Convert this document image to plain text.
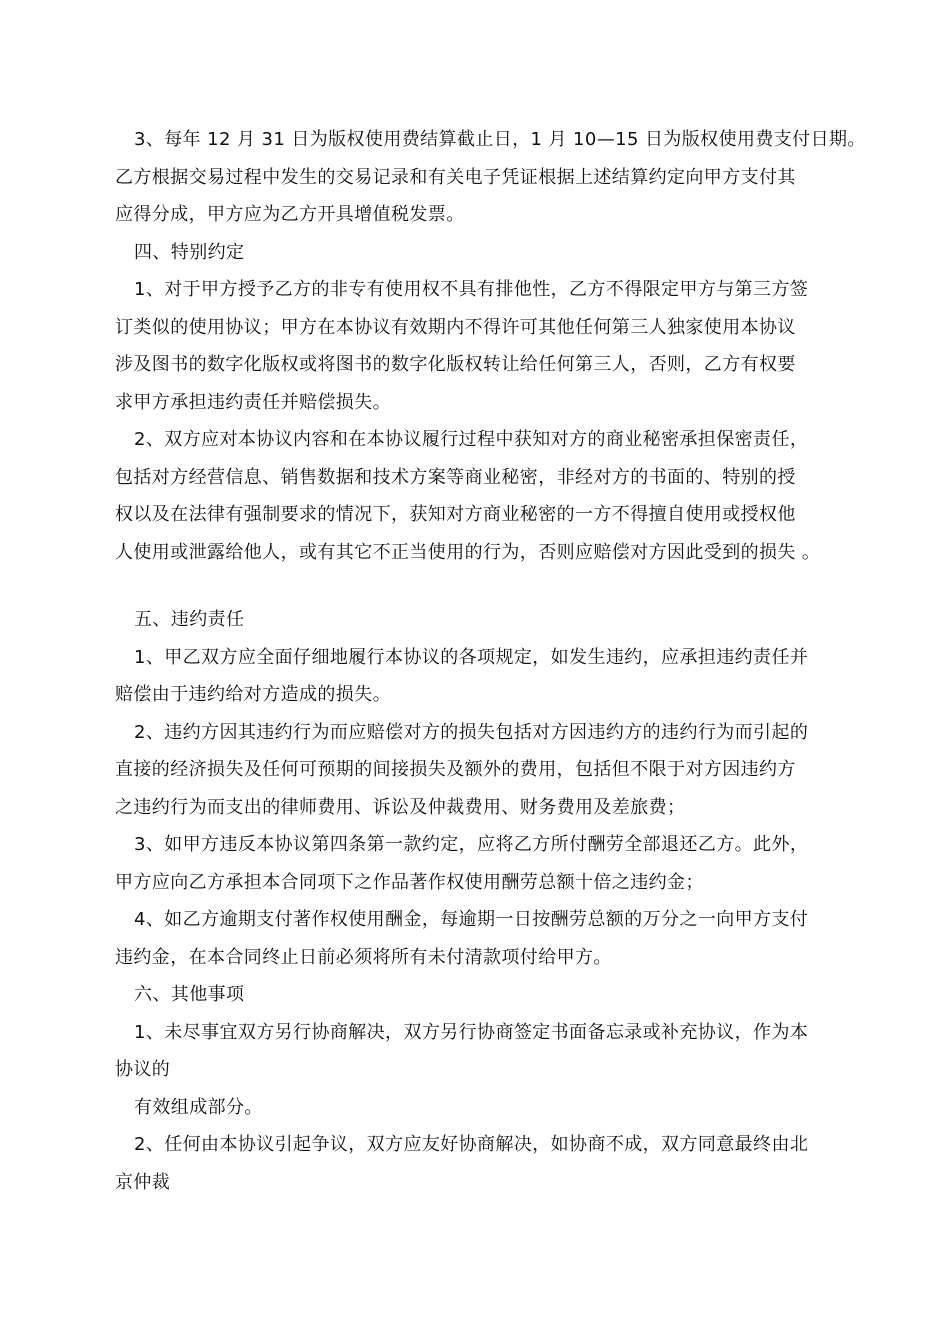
3、每年 12 月 31 日为版权使用费结算截止日，1 月 10—15 日为版权使用费支付日期。
乙方根据交易过程中发生的交易记录和有关电子凭证根据上述结算约定向甲方支付其
应得分成，甲方应为乙方开具增值税发票。
四、特别约定
1、对于甲方授予乙方的非专有使用权不具有排他性，乙方不得限定甲方与第三方签
订类似的使用协议；甲方在本协议有效期内不得许可其他任何第三人独家使用本协议
涉及图书的数字化版权或将图书的数字化版权转让给任何第三人，否则，乙方有权要
求甲方承担违约责任并赔偿损失。
2、双方应对本协议内容和在本协议履行过程中获知对方的商业秘密承担保密责任，
包括对方经营信息、销售数据和技术方案等商业秘密，非经对方的书面的、特别的授
权以及在法律有强制要求的情况下，获知对方商业秘密的一方不得擅自使用或授权他
人使用或泄露给他人，或有其它不正当使用的行为，否则应赔偿对方因此受到的损失 。
五、违约责任
1、甲乙双方应全面仔细地履行本协议的各项规定，如发生违约，应承担违约责任并
赔偿由于违约给对方造成的损失。
2、违约方因其违约行为而应赔偿对方的损失包括对方因违约方的违约行为而引起的
直接的经济损失及任何可预期的间接损失及额外的费用，包括但不限于对方因违约方
之违约行为而支出的律师费用、诉讼及仲裁费用、财务费用及差旅费；
3、如甲方违反本协议第四条第一款约定，应将乙方所付酬劳全部退还乙方。此外，
甲方应向乙方承担本合同项下之作品著作权使用酬劳总额十倍之违约金；
4、如乙方逾期支付著作权使用酬金，每逾期一日按酬劳总额的万分之一向甲方支付
违约金，在本合同终止日前必须将所有未付清款项付给甲方。
六、其他事项
1、未尽事宜双方另行协商解决，双方另行协商签定书面备忘录或补充协议，作为本
协议的
有效组成部分。
2、任何由本协议引起争议，双方应友好协商解决，如协商不成，双方同意最终由北
京仲裁
